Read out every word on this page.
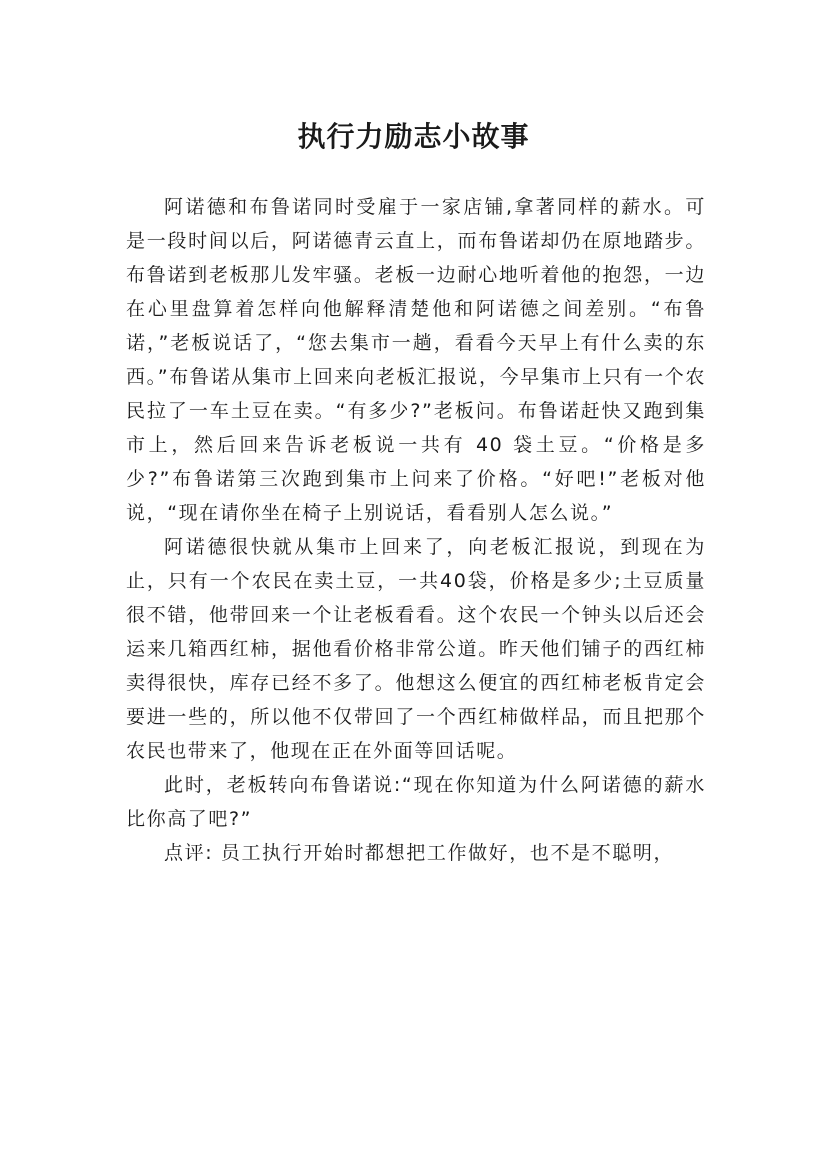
执行力励志小故事

阿诺德和布鲁诺同时受雇于一家店铺,拿著同样的薪水。可是一段时间以后，阿诺德青云直上，而布鲁诺却仍在原地踏步。布鲁诺到老板那儿发牢骚。老板一边耐心地听着他的抱怨，一边在心里盘算着怎样向他解释清楚他和阿诺德之间差别。“布鲁诺，”老板说话了，“您去集市一趟，看看今天早上有什么卖的东西。”布鲁诺从集市上回来向老板汇报说，今早集市上只有一个农民拉了一车土豆在卖。“有多少?”老板问。布鲁诺赶快又跑到集市上，然后回来告诉老板说一共有 40 袋土豆。“价格是多少?”布鲁诺第三次跑到集市上问来了价格。“好吧!”老板对他说，“现在请你坐在椅子上别说话，看看别人怎么说。”

阿诺德很快就从集市上回来了，向老板汇报说，到现在为止，只有一个农民在卖土豆，一共40袋，价格是多少;土豆质量很不错，他带回来一个让老板看看。这个农民一个钟头以后还会运来几箱西红柿，据他看价格非常公道。昨天他们铺子的西红柿卖得很快，库存已经不多了。他想这么便宜的西红柿老板肯定会要进一些的，所以他不仅带回了一个西红柿做样品，而且把那个农民也带来了，他现在正在外面等回话呢。

此时，老板转向布鲁诺说:“现在你知道为什么阿诺德的薪水比你高了吧?”

点评: 员工执行开始时都想把工作做好，也不是不聪明，
